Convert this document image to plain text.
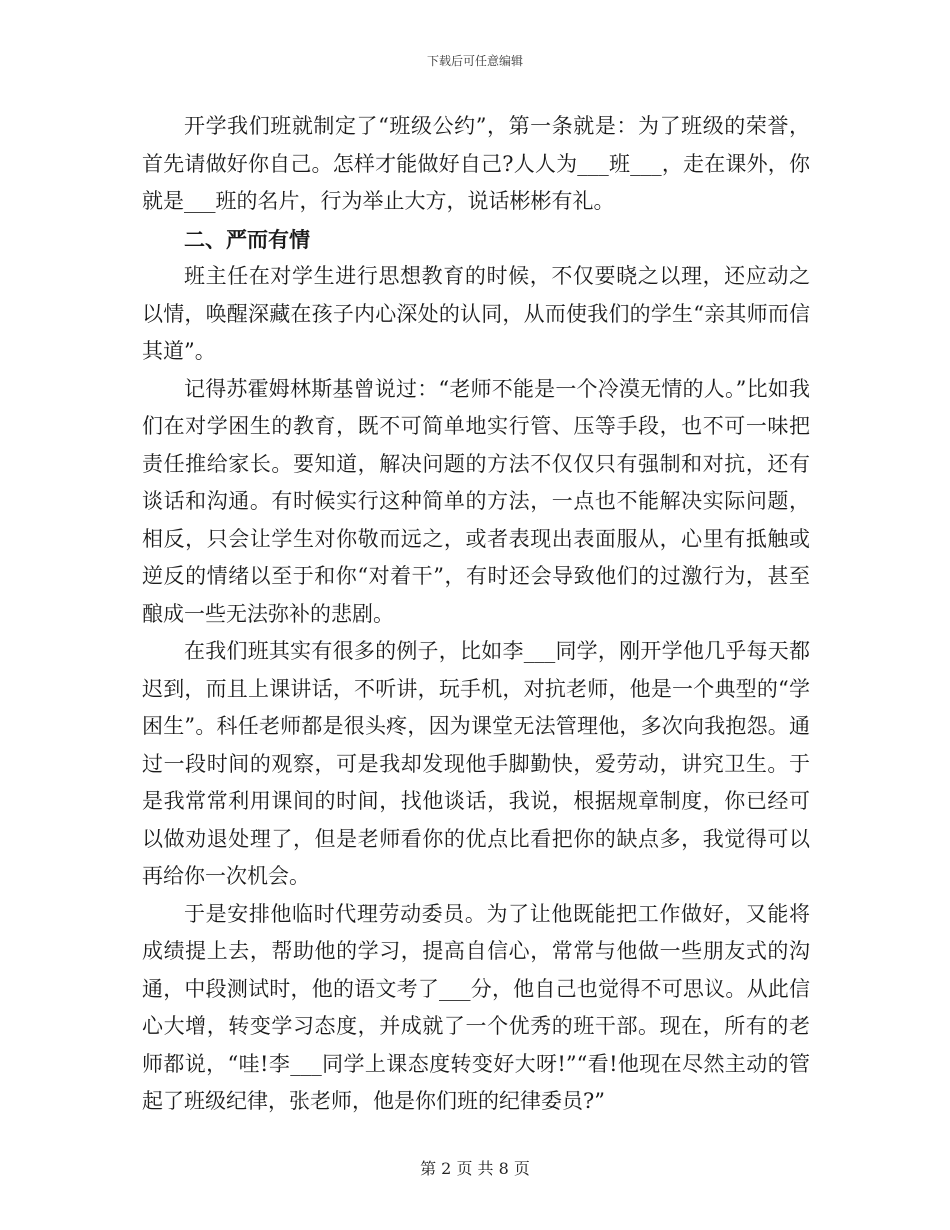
下载后可任意编辑

开学我们班就制定了“班级公约”，第一条就是：为了班级的荣誉，首先请做好你自己。怎样才能做好自己?人人为___班___，走在课外，你就是___班的名片，行为举止大方，说话彬彬有礼。

二、严而有情

班主任在对学生进行思想教育的时候，不仅要晓之以理，还应动之以情，唤醒深藏在孩子内心深处的认同，从而使我们的学生“亲其师而信其道”。

记得苏霍姆林斯基曾说过：“老师不能是一个冷漠无情的人。”比如我们在对学困生的教育，既不可简单地实行管、压等手段，也不可一味把责任推给家长。要知道，解决问题的方法不仅仅只有强制和对抗，还有谈话和沟通。有时候实行这种简单的方法，一点也不能解决实际问题，相反，只会让学生对你敬而远之，或者表现出表面服从，心里有抵触或逆反的情绪以至于和你“对着干”，有时还会导致他们的过激行为，甚至酿成一些无法弥补的悲剧。

在我们班其实有很多的例子，比如李___同学，刚开学他几乎每天都迟到，而且上课讲话，不听讲，玩手机，对抗老师，他是一个典型的“学困生”。科任老师都是很头疼，因为课堂无法管理他，多次向我抱怨。通过一段时间的观察，可是我却发现他手脚勤快，爱劳动，讲究卫生。于是我常常利用课间的时间，找他谈话，我说，根据规章制度，你已经可以做劝退处理了，但是老师看你的优点比看把你的缺点多，我觉得可以再给你一次机会。

于是安排他临时代理劳动委员。为了让他既能把工作做好，又能将成绩提上去，帮助他的学习，提高自信心，常常与他做一些朋友式的沟通，中段测试时，他的语文考了___分，他自己也觉得不可思议。从此信心大增，转变学习态度，并成就了一个优秀的班干部。现在，所有的老师都说，“哇!李___同学上课态度转变好大呀!”“看!他现在尽然主动的管起了班级纪律，张老师，他是你们班的纪律委员?”

第 2 页 共 8 页
